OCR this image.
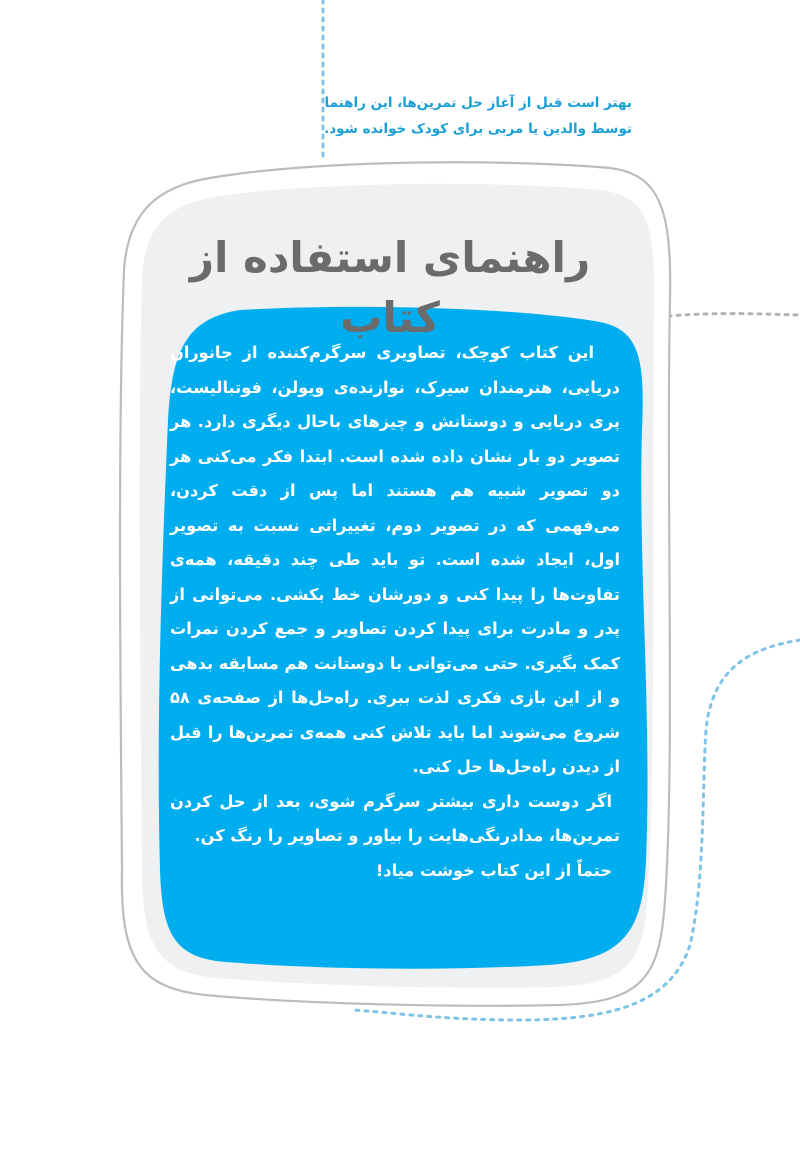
بهتر است قبل از آغاز حل تمرین‌ها، این راهنما
توسط والدین یا مربی برای کودک خوانده شود.
راهنمای استفاده از کتاب

این کتاب کوچک، تصاویری سرگرم‌کننده از جانوران دریایی، هنرمندان سیرک، نوازنده‌ی ویولن، فوتبالیست، پری دریایی و دوستانش و چیزهای باحال دیگری دارد. هر تصویر دو بار نشان داده شده است. ابتدا فکر می‌کنی هر دو تصویر شبیه هم هستند اما پس از دقت کردن، می‌فهمی که در تصویر دوم، تغییراتی نسبت به تصویر اول، ایجاد شده است. تو باید طی چند دقیقه، همه‌ی تفاوت‌ها را پیدا کنی و دورشان خط بکشی. می‌توانی از پدر و مادرت برای پیدا کردن تصاویر و جمع کردن نمرات کمک بگیری. حتی می‌توانی با دوستانت هم مسابقه بدهی و از این بازی فکری لذت ببری. راه‌حل‌ها از صفحه‌ی ۵۸ شروع می‌شوند اما باید تلاش کنی همه‌ی تمرین‌ها را قبل از دیدن راه‌حل‌ها حل کنی.

اگر دوست داری بیشتر سرگرم شوی، بعد از حل کردن تمرین‌ها، مدادرنگی‌هایت را بیاور و تصاویر را رنگ کن.

حتماً از این کتاب خوشت میاد!
